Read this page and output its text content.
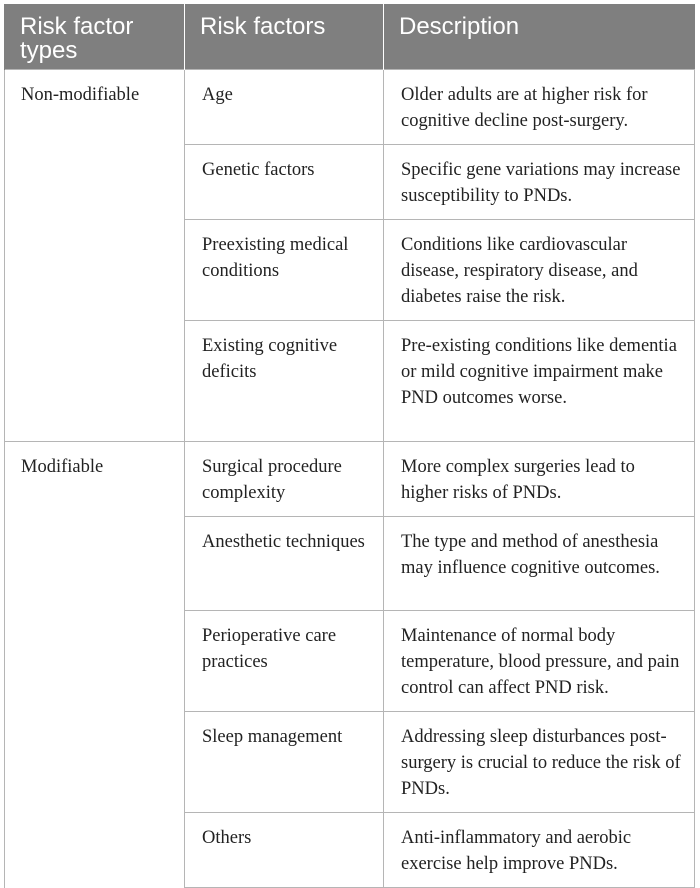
Risk factor types	Risk factors	Description
Non-modifiable	Age	Older adults are at higher risk for cognitive decline post-surgery.
	Genetic factors	Specific gene variations may increase susceptibility to PNDs.
	Preexisting medical conditions	Conditions like cardiovascular disease, respiratory disease, and diabetes raise the risk.
	Existing cognitive deficits	Pre-existing conditions like dementia or mild cognitive impairment make PND outcomes worse.
Modifiable	Surgical procedure complexity	More complex surgeries lead to higher risks of PNDs.
	Anesthetic techniques	The type and method of anesthesia may influence cognitive outcomes.
	Perioperative care practices	Maintenance of normal body temperature, blood pressure, and pain control can affect PND risk.
	Sleep management	Addressing sleep disturbances post-surgery is crucial to reduce the risk of PNDs.
	Others	Anti-inflammatory and aerobic exercise help improve PNDs.
